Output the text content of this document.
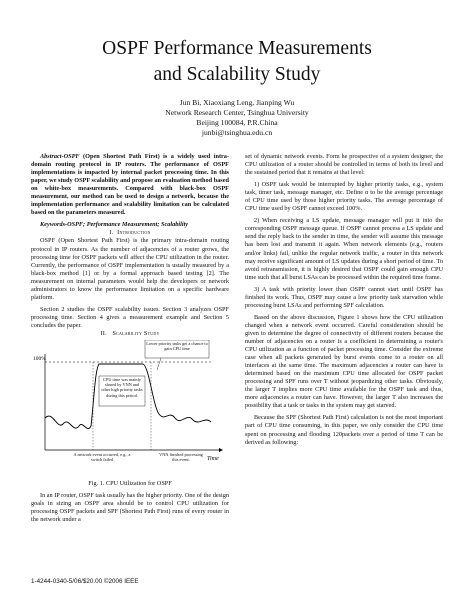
OSPF Performance Measurements
and Scalability Study
Jun Bi, Xiaoxiang Leng, Jianping Wu
Network Research Center, Tsinghua University
Beijing 100084, P.R.China
junbi@tsinghua.edu.cn

Abstract-OSPF (Open Shortest Path First) is a widely used intra-domain routing protocol in IP routers. The performance of OSPF implementations is impacted by internal packet processing time. In this paper, we study OSPF scalability and propose an evaluation method based on white-box measurements. Compared with black-box OSPF measurement, our method can be used to design a network, because the implementation performance and scalability limitation can be calculated based on the parameters measured.

Keywords-OSPF; Performance Measurement; Scalability

I. Introduction

OSPF (Open Shortest Path First) is the primary intra-domain routing protocol in IP routers. As the number of adjacencies of a router grows, the processing time for OSPF packets will affect the CPU utilization in the router. Currently, the performance of OSPF implementation is usually measured by a black-box method [1] or by a formal approach based testing [2]. The measurement on internal parameters would help the developers or network administrators to know the performance limitation on a specific hardware platform.

Section 2 studies the OSPF scalability issues. Section 3 analyzes OSPF processing time. Section 4 gives a measurement example and Section 5 concludes the paper.

II. Scalability Study

100%
Time
Lower priority tasks get a chance to gain CPU time
CPU time was mainly shared by VNN and other high priority tasks during this period.
A network event occurred, e.g., a switch failed
VNN finished processing this event.

Fig. 1. CPU Utilization for OSPF

In an IP router, OSPF task usually has the higher priority. One of the design goals in sizing an OSPF area should be to control CPU utilization for processing OSPF packets and SPF (Shortest Path First) runs of every router in the network under a

set of dynamic network events. Form he prospective of a system designer, the CPU utilization of a router should be controlled in terms of both its level and the sustained period that it remains at that level:

1) OSPF task would be interrupted by higher priority tasks, e.g., system task, timer task, message manager, etc. Define α to be the average percentage of CPU time used by those higher priority tasks. The average percentage of CPU time used by OSPF cannot exceed 100%.

2) When receiving a LS update, message manager will put it into the corresponding OSPF message queue. If OSPF cannot process a LS update and send the reply back to the sender in time, the sender will assume this message has been lost and transmit it again. When network elements (e.g., routers and/or links) fail, unlike the regular network traffic, a router in this network may receive significant amount of LS updates during a short period of time. To avoid retransmission, it is highly desired that OSPF could gain enough CPU time such that all burst LSAs can be processed within the required time frame.

3) A task with priority lower than OSPF cannot start until OSPF has finished its work. Thus, OSPF may cause a low priority task starvation while processing burst LSAs and performing SPF calculation.

Based on the above discussion, Figure 1 shows how the CPU utilization changed when a network event occurred. Careful consideration should be given to determine the degree of connectivity of different routers because the number of adjacencies on a router is a coefficient in determining a router's CPU utilization as a function of packet processing time. Consider the extreme case when all packets generated by burst events come to a router on all interfaces at the same time. The maximum adjacencies a router can have is determined based on the maximum CPU time allocated for OSPF packet processing and SPF runs over T without jeopardizing other tasks. Obviously, the larger T implies more CPU time available for the OSPF task and thus, more adjacencies a router can have. However, the larger T also increases the possibility that a task or tasks in the system may get starved.

Because the SPF (Shortest Path First) calculation is not the most important part of CPU time consuming, in this paper, we only consider the CPU time spent on processing and flooding 120packets over a period of time T can be derived as following:

1-4244-0340-5/06/$20.00 ©2006 IEEE
